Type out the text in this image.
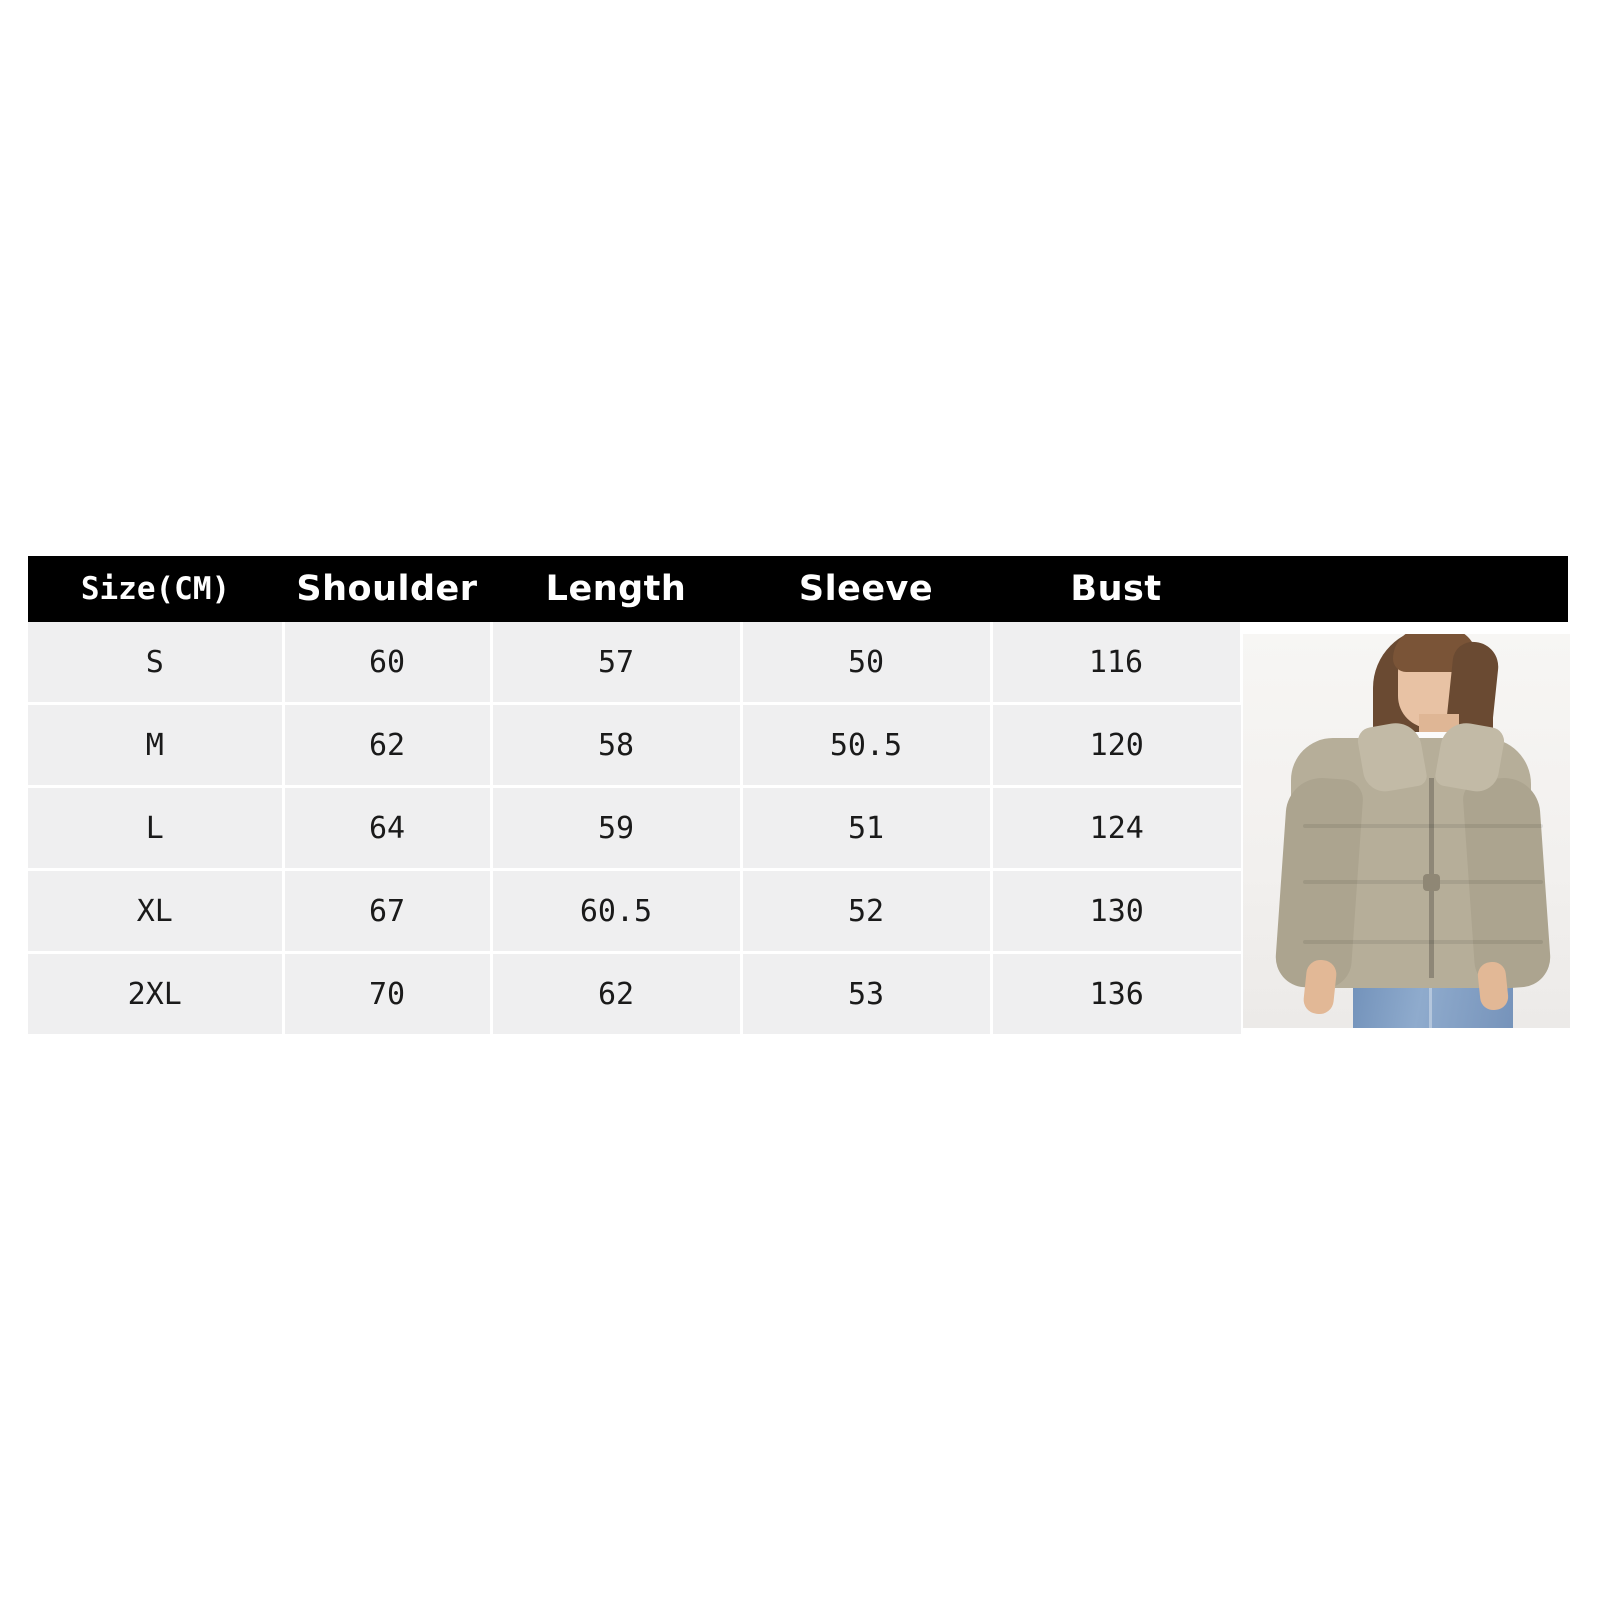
Size(CM)	Shoulder	Length	Sleeve	Bust	
S	60	57	50	116	

M	62	58	50.5	120	
L	64	59	51	124	
XL	67	60.5	52	130	
2XL	70	62	53	136	
